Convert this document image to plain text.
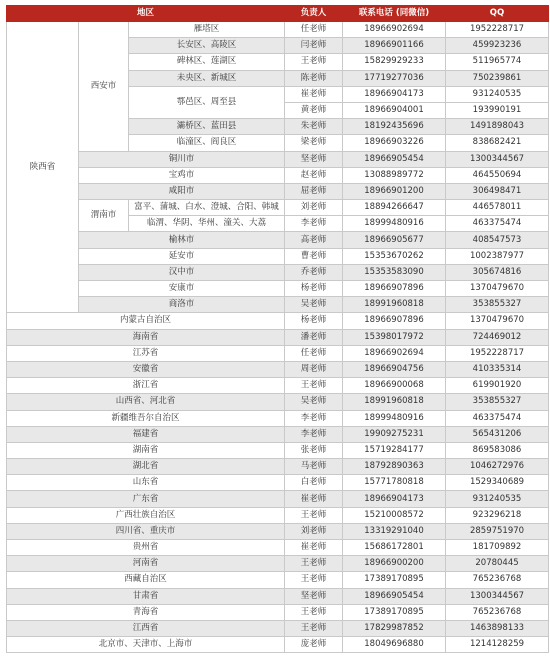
地区			负责人	联系电话 (同微信)	QQ
陕西省	西安市	雁塔区	任老师	18966902694	1952228717
		长安区、高陵区	闫老师	18966901166	459923236
		碑林区、莲湖区	王老师	15829929233	511965774
		未央区、新城区	陈老师	17719277036	750239861
		鄠邑区、周至县	崔老师	18966904173	931240535
			黄老师	18966904001	193990191
		灞桥区、蓝田县	朱老师	18192435696	1491898043
		临潼区、阎良区	梁老师	18966903226	838682421
	铜川市		坚老师	18966905454	1300344567
	宝鸡市		赵老师	13088989772	464550694
	咸阳市		屈老师	18966901200	306498471
	渭南市	富平、蒲城、白水、澄城、合阳、韩城	刘老师	18894266647	446578011
		临渭、华阴、华州、潼关、大荔	李老师	18999480916	463375474
	榆林市		高老师	18966905677	408547573
	延安市		曹老师	15353670262	1002387977
	汉中市		乔老师	15353583090	305674816
	安康市		杨老师	18966907896	1370479670
	商洛市		吴老师	18991960818	353855327
内蒙古自治区			杨老师	18966907896	1370479670
海南省			潘老师	15398017972	724469012
江苏省			任老师	18966902694	1952228717
安徽省			周老师	18966904756	410335314
浙江省			王老师	18966900068	619901920
山西省、河北省			吴老师	18991960818	353855327
新疆维吾尔自治区			李老师	18999480916	463375474
福建省			李老师	19909275231	565431206
湖南省			张老师	15719284177	869583086
湖北省			马老师	18792890363	1046272976
山东省			白老师	15771780818	1529340689
广东省			崔老师	18966904173	931240535
广西壮族自治区			王老师	15210008572	923296218
四川省、重庆市			刘老师	13319291040	2859751970
贵州省			崔老师	15686172801	181709892
河南省			王老师	18966900200	20780445
西藏自治区			王老师	17389170895	765236768
甘肃省			坚老师	18966905454	1300344567
青海省			王老师	17389170895	765236768
江西省			王老师	17829987852	1463898133
北京市、天津市、上海市			庞老师	18049696880	1214128259
